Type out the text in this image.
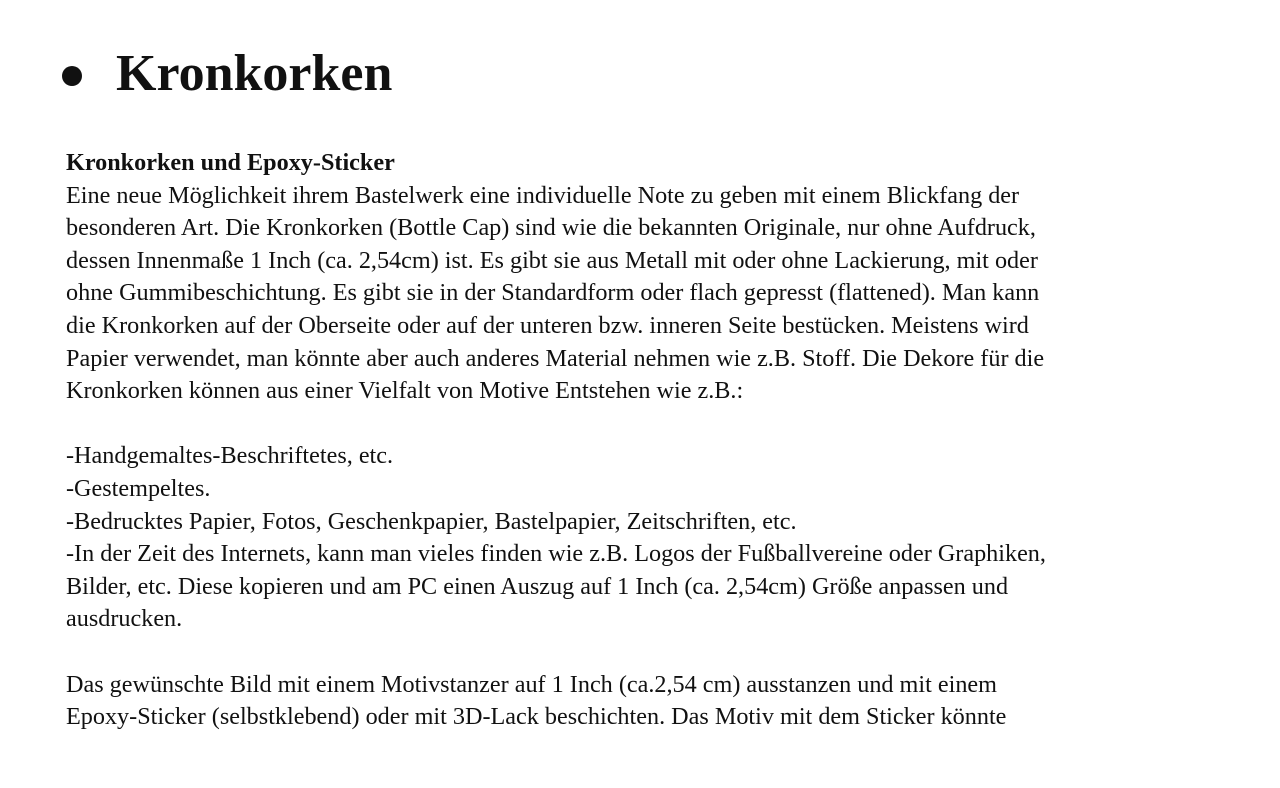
Kronkorken
Kronkorken und Epoxy-Sticker
Eine neue Möglichkeit ihrem Bastelwerk eine individuelle Note zu geben mit einem Blickfang der
besonderen Art. Die Kronkorken (Bottle Cap) sind wie die bekannten Originale, nur ohne Aufdruck,
dessen Innenmaße 1 Inch (ca. 2,54cm) ist. Es gibt sie aus Metall mit oder ohne Lackierung, mit oder
ohne Gummibeschichtung. Es gibt sie in der Standardform oder flach gepresst (flattened). Man kann
die Kronkorken auf der Oberseite oder auf der unteren bzw. inneren Seite bestücken. Meistens wird
Papier verwendet, man könnte aber auch anderes Material nehmen wie z.B. Stoff. Die Dekore für die
Kronkorken können aus einer Vielfalt von Motive Entstehen wie z.B.:
-Handgemaltes-Beschriftetes, etc.
-Gestempeltes.
-Bedrucktes Papier, Fotos, Geschenkpapier, Bastelpapier, Zeitschriften, etc.
-In der Zeit des Internets, kann man vieles finden wie z.B. Logos der Fußballvereine oder Graphiken,
Bilder, etc. Diese kopieren und am PC einen Auszug auf 1 Inch (ca. 2,54cm) Größe anpassen und
ausdrucken.
Das gewünschte Bild mit einem Motivstanzer auf 1 Inch (ca.2,54 cm) ausstanzen und mit einem
Epoxy-Sticker (selbstklebend) oder mit 3D-Lack beschichten. Das Motiv mit dem Sticker könnte
